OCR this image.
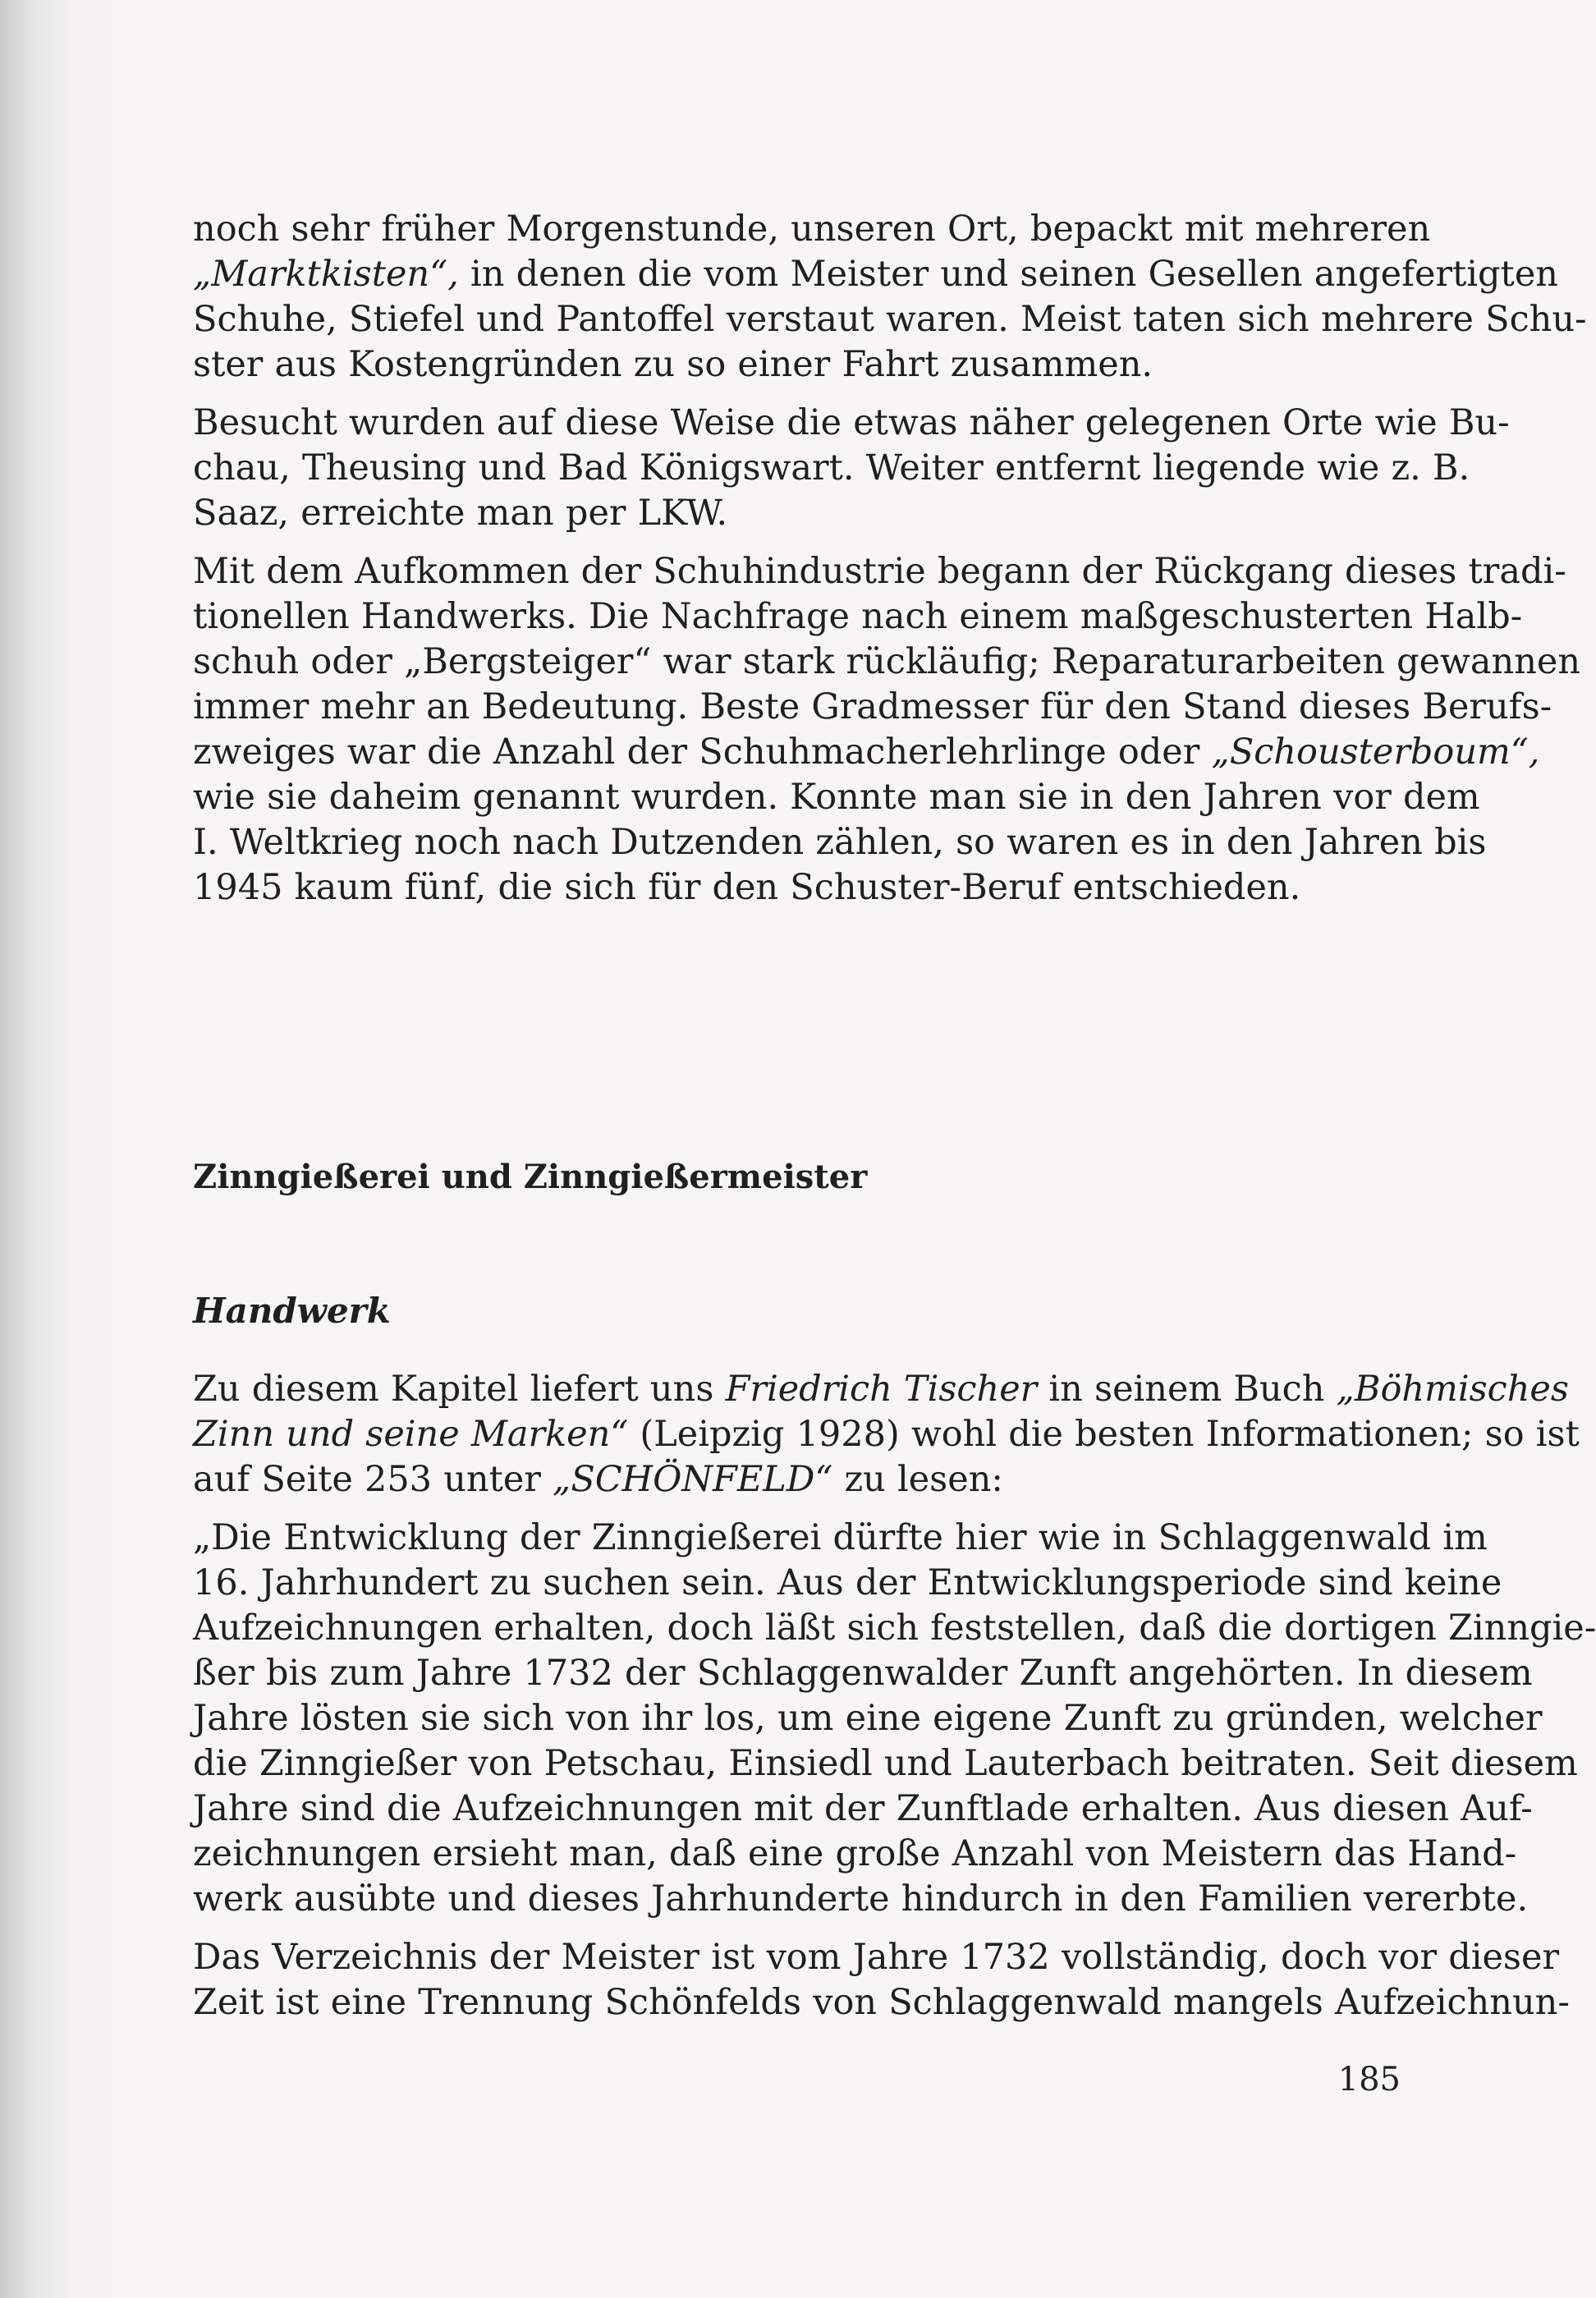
noch sehr früher Morgenstunde, unseren Ort, bepackt mit mehreren
„Marktkisten“, in denen die vom Meister und seinen Gesellen angefertigten
Schuhe, Stiefel und Pantoffel verstaut waren. Meist taten sich mehrere Schu-
ster aus Kostengründen zu so einer Fahrt zusammen.

Besucht wurden auf diese Weise die etwas näher gelegenen Orte wie Bu-
chau, Theusing und Bad Königswart. Weiter entfernt liegende wie z. B.
Saaz, erreichte man per LKW.

Mit dem Aufkommen der Schuhindustrie begann der Rückgang dieses tradi-
tionellen Handwerks. Die Nachfrage nach einem maßgeschusterten Halb-
schuh oder „Bergsteiger“ war stark rückläufig; Reparaturarbeiten gewannen
immer mehr an Bedeutung. Beste Gradmesser für den Stand dieses Berufs-
zweiges war die Anzahl der Schuhmacherlehrlinge oder „Schousterboum“,
wie sie daheim genannt wurden. Konnte man sie in den Jahren vor dem
I. Weltkrieg noch nach Dutzenden zählen, so waren es in den Jahren bis
1945 kaum fünf, die sich für den Schuster-Beruf entschieden.

Zinngießerei und Zinngießermeister
Handwerk

Zu diesem Kapitel liefert uns Friedrich Tischer in seinem Buch „Böhmisches
Zinn und seine Marken“ (Leipzig 1928) wohl die besten Informationen; so ist
auf Seite 253 unter „SCHÖNFELD“ zu lesen:

„Die Entwicklung der Zinngießerei dürfte hier wie in Schlaggenwald im
16. Jahrhundert zu suchen sein. Aus der Entwicklungsperiode sind keine
Aufzeichnungen erhalten, doch läßt sich feststellen, daß die dortigen Zinngie-
ßer bis zum Jahre 1732 der Schlaggenwalder Zunft angehörten. In diesem
Jahre lösten sie sich von ihr los, um eine eigene Zunft zu gründen, welcher
die Zinngießer von Petschau, Einsiedl und Lauterbach beitraten. Seit diesem
Jahre sind die Aufzeichnungen mit der Zunftlade erhalten. Aus diesen Auf-
zeichnungen ersieht man, daß eine große Anzahl von Meistern das Hand-
werk ausübte und dieses Jahrhunderte hindurch in den Familien vererbte.

Das Verzeichnis der Meister ist vom Jahre 1732 vollständig, doch vor dieser
Zeit ist eine Trennung Schönfelds von Schlaggenwald mangels Aufzeichnun-

185
